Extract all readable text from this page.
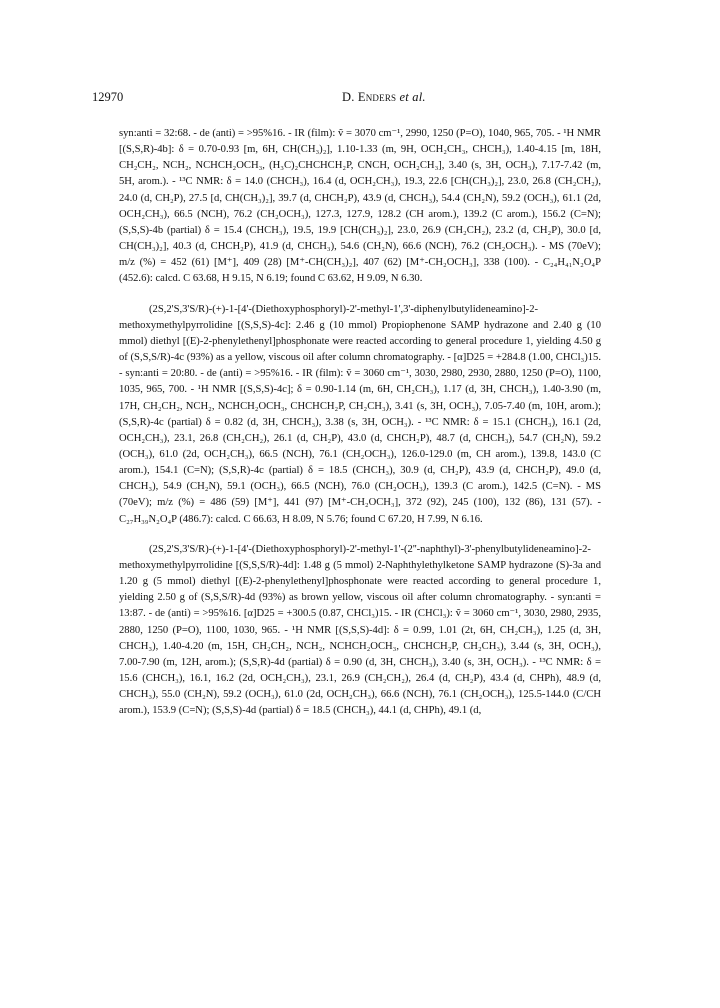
12970	D. Enders et al.

syn:anti = 32:68. - de (anti) = >95%16. - IR (film): ṽ = 3070 cm⁻¹, 2990, 1250 (P=O), 1040, 965, 705. - ¹H NMR [(S,S,R)-4b]: δ = 0.70-0.93 [m, 6H, CH(CH₃)₂], 1.10-1.33 (m, 9H, OCH₂CH₃, CHCH₃), 1.40-4.15 [m, 18H, CH₂CH₂, NCH₂, NCHCH₂OCH₃, (H₃C)₂CHCHCH₂P, CNCH, OCH₂CH₃], 3.40 (s, 3H, OCH₃), 7.17-7.42 (m, 5H, arom.). - ¹³C NMR: δ = 14.0 (CHCH₃), 16.4 (d, OCH₂CH₃), 19.3, 22.6 [CH(CH₃)₂], 23.0, 26.8 (CH₂CH₂), 24.0 (d, CH₂P), 27.5 [d, CH(CH₃)₂], 39.7 (d, CHCH₂P), 43.9 (d, CHCH₃), 54.4 (CH₂N), 59.2 (OCH₃), 61.1 (2d, OCH₂CH₃), 66.5 (NCH), 76.2 (CH₂OCH₃), 127.3, 127.9, 128.2 (CH arom.), 139.2 (C arom.), 156.2 (C=N); (S,S,S)-4b (partial) δ = 15.4 (CHCH₃), 19.5, 19.9 [CH(CH₃)₂], 23.0, 26.9 (CH₂CH₂), 23.2 (d, CH₂P), 30.0 [d, CH(CH₃)₂], 40.3 (d, CHCH₂P), 41.9 (d, CHCH₃), 54.6 (CH₂N), 66.6 (NCH), 76.2 (CH₂OCH₃). - MS (70eV); m/z (%) = 452 (61) [M⁺], 409 (28) [M⁺-CH(CH₃)₂], 407 (62) [M⁺-CH₂OCH₃], 338 (100). - C₂₄H₄₁N₂O₄P (452.6): calcd. C 63.68, H 9.15, N 6.19; found C 63.62, H 9.09, N 6.30.

(2S,2'S,3'S/R)-(+)-1-[4'-(Diethoxyphosphoryl)-2'-methyl-1',3'-diphenylbutylideneamino]-2-methoxymethylpyrrolidine [(S,S,S)-4c]: 2.46 g (10 mmol) Propiophenone SAMP hydrazone and 2.40 g (10 mmol) diethyl [(E)-2-phenylethenyl]phosphonate were reacted according to general procedure 1, yielding 4.50 g of (S,S,S/R)-4c (93%) as a yellow, viscous oil after column chromatography. - [α]D25 = +284.8 (1.00, CHCl₃)15. - syn:anti = 20:80. - de (anti) = >95%16. - IR (film): ṽ = 3060 cm⁻¹, 3030, 2980, 2930, 2880, 1250 (P=O), 1100, 1035, 965, 700. - ¹H NMR [(S,S,S)-4c]; δ = 0.90-1.14 (m, 6H, CH₂CH₃), 1.17 (d, 3H, CHCH₃), 1.40-3.90 (m, 17H, CH₂CH₂, NCH₂, NCHCH₂OCH₃, CHCHCH₂P, CH₂CH₃), 3.41 (s, 3H, OCH₃), 7.05-7.40 (m, 10H, arom.); (S,S,R)-4c (partial) δ = 0.82 (d, 3H, CHCH₃), 3.38 (s, 3H, OCH₃). - ¹³C NMR: δ = 15.1 (CHCH₃), 16.1 (2d, OCH₂CH₃), 23.1, 26.8 (CH₂CH₂), 26.1 (d, CH₂P), 43.0 (d, CHCH₂P), 48.7 (d, CHCH₃), 54.7 (CH₂N), 59.2 (OCH₃), 61.0 (2d, OCH₂CH₃), 66.5 (NCH), 76.1 (CH₂OCH₃), 126.0-129.0 (m, CH arom.), 139.8, 143.0 (C arom.), 154.1 (C=N); (S,S,R)-4c (partial) δ = 18.5 (CHCH₃), 30.9 (d, CH₂P), 43.9 (d, CHCH₂P), 49.0 (d, CHCH₃), 54.9 (CH₂N), 59.1 (OCH₃), 66.5 (NCH), 76.0 (CH₂OCH₃), 139.3 (C arom.), 142.5 (C=N). - MS (70eV); m/z (%) = 486 (59) [M⁺], 441 (97) [M⁺-CH₂OCH₃], 372 (92), 245 (100), 132 (86), 131 (57). - C₂₇H₃₉N₂O₄P (486.7): calcd. C 66.63, H 8.09, N 5.76; found C 67.20, H 7.99, N 6.16.

(2S,2'S,3'S/R)-(+)-1-[4'-(Diethoxyphosphoryl)-2'-methyl-1'-(2''-naphthyl)-3'-phenylbutylideneamino]-2-methoxymethylpyrrolidine [(S,S,S/R)-4d]: 1.48 g (5 mmol) 2-Naphthylethylketone SAMP hydrazone (S)-3a and 1.20 g (5 mmol) diethyl [(E)-2-phenylethenyl]phosphonate were reacted according to general procedure 1, yielding 2.50 g of (S,S,S/R)-4d (93%) as brown yellow, viscous oil after column chromatography. - syn:anti = 13:87. - de (anti) = >95%16. [α]D25 = +300.5 (0.87, CHCl₃)15. - IR (CHCl₃): ṽ = 3060 cm⁻¹, 3030, 2980, 2935, 2880, 1250 (P=O), 1100, 1030, 965. - ¹H NMR [(S,S,S)-4d]: δ = 0.99, 1.01 (2t, 6H, CH₂CH₃), 1.25 (d, 3H, CHCH₃), 1.40-4.20 (m, 15H, CH₂CH₂, NCH₂, NCHCH₂OCH₃, CHCHCH₂P, CH₂CH₃), 3.44 (s, 3H, OCH₃), 7.00-7.90 (m, 12H, arom.); (S,S,R)-4d (partial) δ = 0.90 (d, 3H, CHCH₃), 3.40 (s, 3H, OCH₃). - ¹³C NMR: δ = 15.6 (CHCH₃), 16.1, 16.2 (2d, OCH₂CH₃), 23.1, 26.9 (CH₂CH₂), 26.4 (d, CH₂P), 43.4 (d, CHPh), 48.9 (d, CHCH₃), 55.0 (CH₂N), 59.2 (OCH₃), 61.0 (2d, OCH₂CH₃), 66.6 (NCH), 76.1 (CH₂OCH₃), 125.5-144.0 (C/CH arom.), 153.9 (C=N); (S,S,S)-4d (partial) δ = 18.5 (CHCH₃), 44.1 (d, CHPh), 49.1 (d,
